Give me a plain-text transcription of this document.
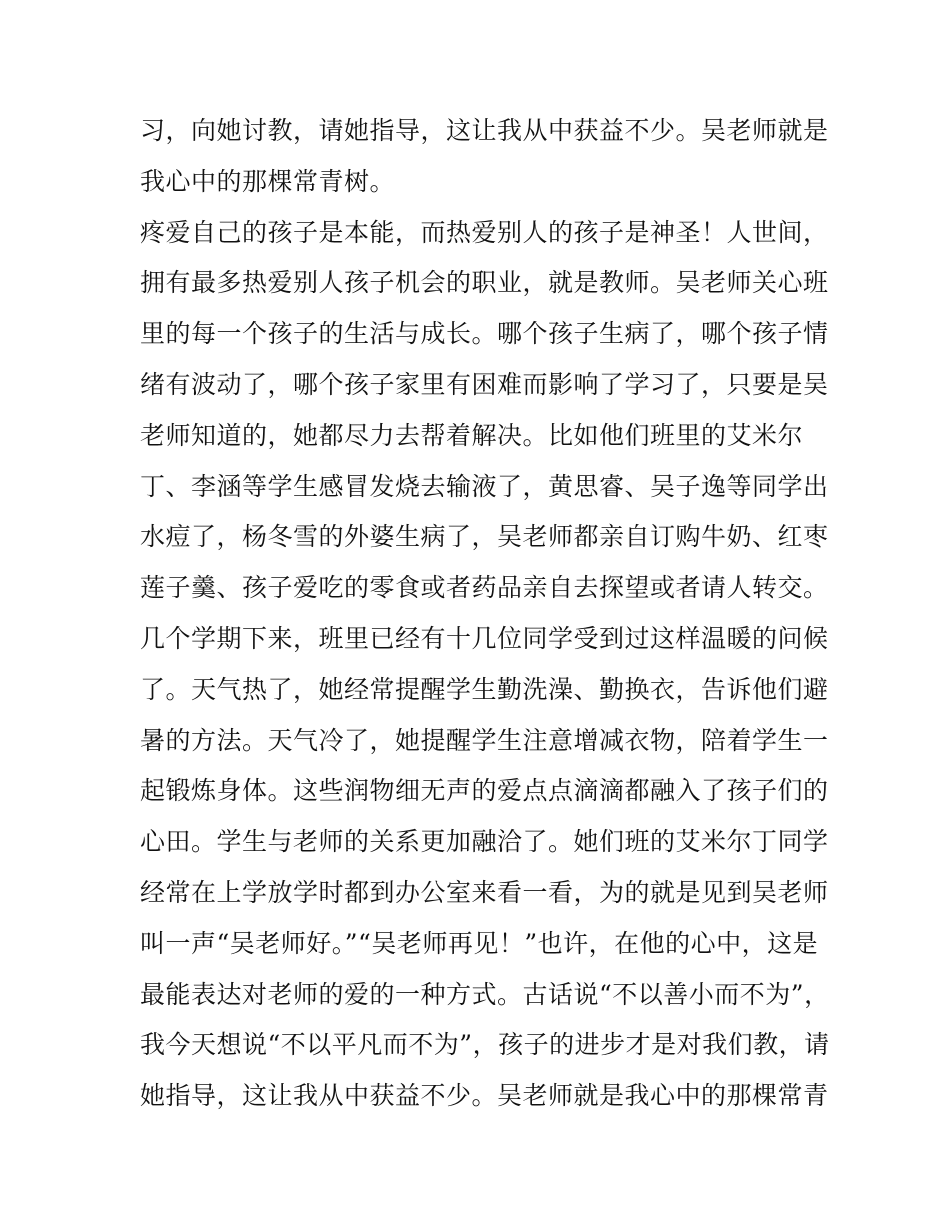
习，向她讨教，请她指导，这让我从中获益不少。吴老师就是
我心中的那棵常青树。
疼爱自己的孩子是本能，而热爱别人的孩子是神圣！人世间，
拥有最多热爱别人孩子机会的职业，就是教师。吴老师关心班
里的每一个孩子的生活与成长。哪个孩子生病了，哪个孩子情
绪有波动了，哪个孩子家里有困难而影响了学习了，只要是吴
老师知道的，她都尽力去帮着解决。比如他们班里的艾米尔
丁、李涵等学生感冒发烧去输液了，黄思睿、吴子逸等同学出
水痘了，杨冬雪的外婆生病了，吴老师都亲自订购牛奶、红枣
莲子羹、孩子爱吃的零食或者药品亲自去探望或者请人转交。
几个学期下来，班里已经有十几位同学受到过这样温暖的问候
了。天气热了，她经常提醒学生勤洗澡、勤换衣，告诉他们避
暑的方法。天气冷了，她提醒学生注意增减衣物，陪着学生一
起锻炼身体。这些润物细无声的爱点点滴滴都融入了孩子们的
心田。学生与老师的关系更加融洽了。她们班的艾米尔丁同学
经常在上学放学时都到办公室来看一看，为的就是见到吴老师
叫一声“吴老师好。”“吴老师再见！”也许，在他的心中，这是
最能表达对老师的爱的一种方式。古话说“不以善小而不为”，
我今天想说“不以平凡而不为”，孩子的进步才是对我们教，请
她指导，这让我从中获益不少。吴老师就是我心中的那棵常青
